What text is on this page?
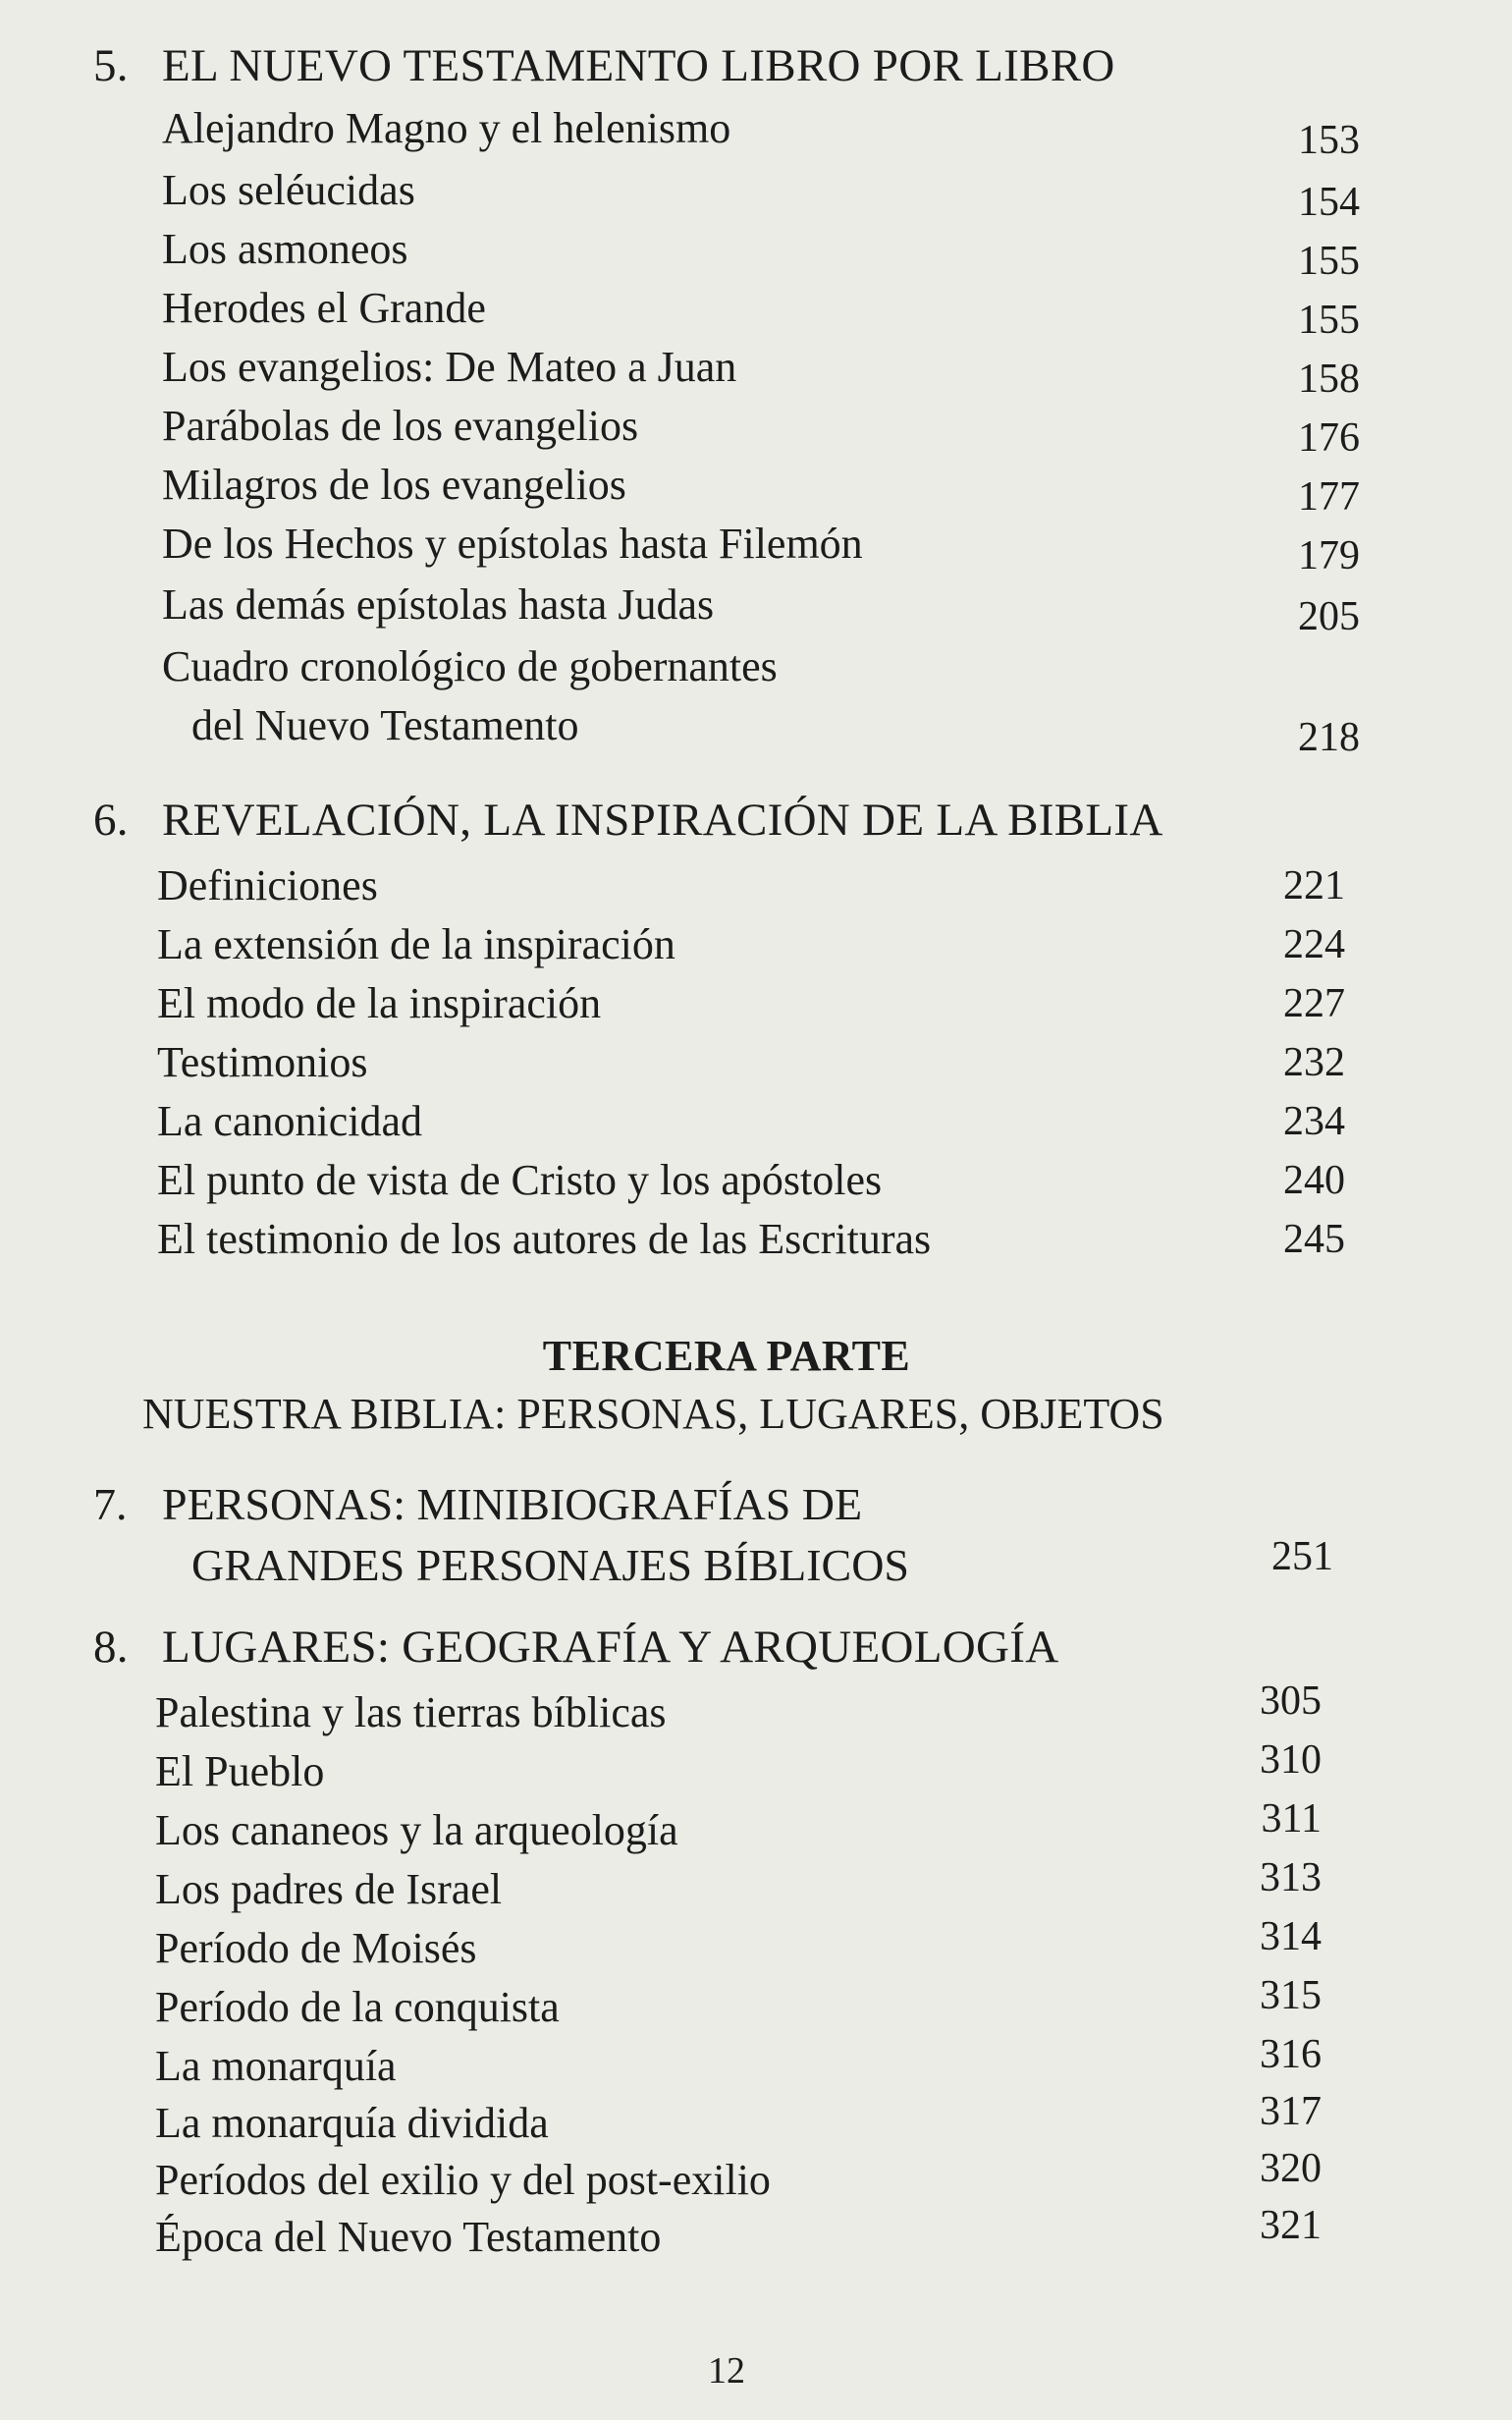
5. EL NUEVO TESTAMENTO LIBRO POR LIBRO
Alejandro Magno y el helenismo	153
Los seléucidas	154
Los asmoneos	155
Herodes el Grande	155
Los evangelios: De Mateo a Juan	158
Parábolas de los evangelios	176
Milagros de los evangelios	177
De los Hechos y epístolas hasta Filemón	179
Las demás epístolas hasta Judas	205
Cuadro cronológico de gobernantes
del Nuevo Testamento	218
6. REVELACIÓN, LA INSPIRACIÓN DE LA BIBLIA
Definiciones	221
La extensión de la inspiración	224
El modo de la inspiración	227
Testimonios	232
La canonicidad	234
El punto de vista de Cristo y los apóstoles	240
El testimonio de los autores de las Escrituras	245
TERCERA PARTE
NUESTRA BIBLIA: PERSONAS, LUGARES, OBJETOS
7. PERSONAS: MINIBIOGRAFÍAS DE
GRANDES PERSONAJES BÍBLICOS	251
8. LUGARES: GEOGRAFÍA Y ARQUEOLOGÍA
Palestina y las tierras bíblicas	305
El Pueblo	310
Los cananeos y la arqueología	311
Los padres de Israel	313
Período de Moisés	314
Período de la conquista	315
La monarquía	316
La monarquía dividida	317
Períodos del exilio y del post-exilio	320
Época del Nuevo Testamento	321
12
